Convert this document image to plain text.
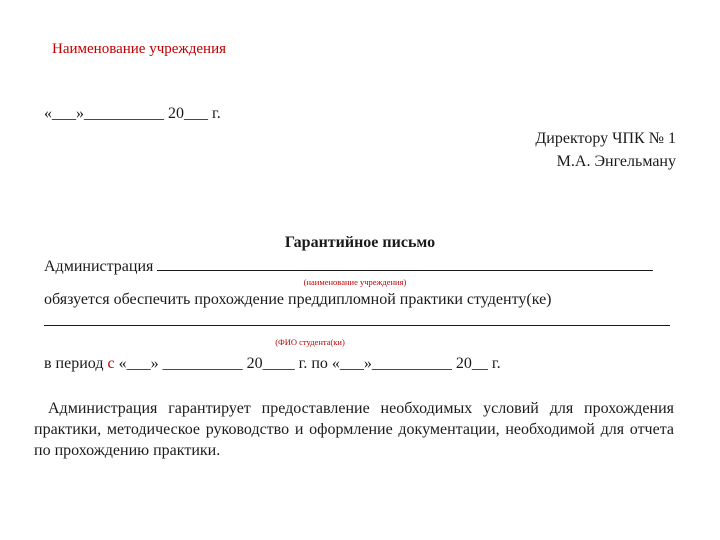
Наименование учреждения
«___»__________ 20___ г.
Директору ЧПК № 1
М.А. Энгельману
Гарантийное письмо
Администрация
(наименование учреждения)
обязуется обеспечить прохождение преддипломной практики студенту(ке)
(ФИО студента(ки)
в период с «___» __________ 20____ г. по «___»__________ 20__ г.
Администрация гарантирует предоставление необходимых условий для прохождения практики, методическое руководство и оформление документации, необходимой для отчета по прохождению практики.
